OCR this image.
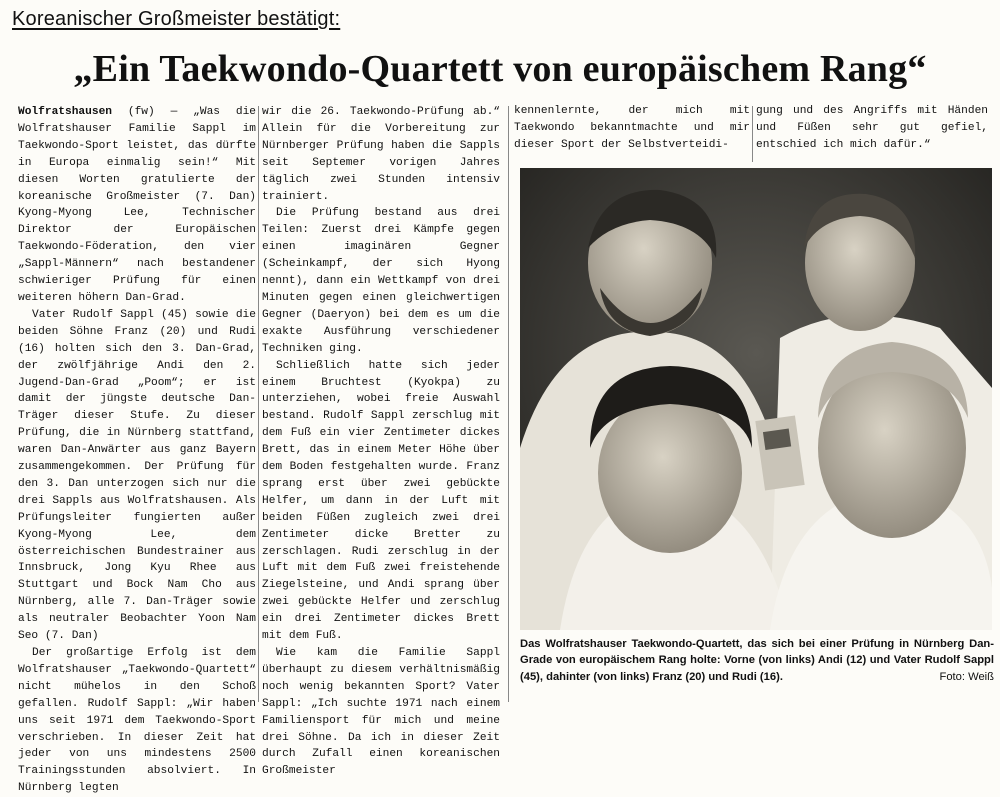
Koreanischer Großmeister bestätigt:
„Ein Taekwondo-Quartett von europäischem Rang“

Wolfratshausen (fw) — „Was die Wolfratshauser Familie Sappl im Taekwondo-Sport leistet, das dürfte in Europa einmalig sein!“ Mit diesen Worten gratulierte der koreanische Großmeister (7. Dan) Kyong-Myong Lee, Technischer Direktor der Europäischen Taekwondo-Föderation, den vier „Sappl-Männern“ nach bestandener schwieriger Prüfung für einen weiteren höhern Dan-Grad.

Vater Rudolf Sappl (45) sowie die beiden Söhne Franz (20) und Rudi (16) holten sich den 3. Dan-Grad, der zwölfjährige Andi den 2. Jugend-Dan-Grad „Poom“; er ist damit der jüngste deutsche Dan-Träger dieser Stufe. Zu dieser Prüfung, die in Nürnberg stattfand, waren Dan-Anwärter aus ganz Bayern zusammengekommen. Der Prüfung für den 3. Dan unterzogen sich nur die drei Sappls aus Wolfratshausen. Als Prüfungsleiter fungierten außer Kyong-Myong Lee, dem österreichischen Bundestrainer aus Innsbruck, Jong Kyu Rhee aus Stuttgart und Bock Nam Cho aus Nürnberg, alle 7. Dan-Träger sowie als neutraler Beobachter Yoon Nam Seo (7. Dan)

Der großartige Erfolg ist dem Wolfratshauser „Taekwondo-Quartett“ nicht mühelos in den Schoß gefallen. Rudolf Sappl: „Wir haben uns seit 1971 dem Taekwondo-Sport verschrieben. In dieser Zeit hat jeder von uns mindestens 2500 Trainingsstunden absolviert. In Nürnberg legten

wir die 26. Taekwondo-Prüfung ab.“ Allein für die Vorbereitung zur Nürnberger Prüfung haben die Sappls seit Septemer vorigen Jahres täglich zwei Stunden intensiv trainiert.

Die Prüfung bestand aus drei Teilen: Zuerst drei Kämpfe gegen einen imaginären Gegner (Scheinkampf, der sich Hyong nennt), dann ein Wettkampf von drei Minuten gegen einen gleichwertigen Gegner (Daeryon) bei dem es um die exakte Ausführung verschiedener Techniken ging.

Schließlich hatte sich jeder einem Bruchtest (Kyokpa) zu unterziehen, wobei freie Auswahl bestand. Rudolf Sappl zerschlug mit dem Fuß ein vier Zentimeter dickes Brett, das in einem Meter Höhe über dem Boden festgehalten wurde. Franz sprang erst über zwei gebückte Helfer, um dann in der Luft mit beiden Füßen zugleich zwei drei Zentimeter dicke Bretter zu zerschlagen. Rudi zerschlug in der Luft mit dem Fuß zwei freistehende Ziegelsteine, und Andi sprang über zwei gebückte Helfer und zerschlug ein drei Zentimeter dickes Brett mit dem Fuß.

Wie kam die Familie Sappl überhaupt zu diesem verhältnismäßig noch wenig bekannten Sport? Vater Sappl: „Ich suchte 1971 nach einem Familiensport für mich und meine drei Söhne. Da ich in dieser Zeit durch Zufall einen koreanischen Großmeister

kennenlernte, der mich mit Taekwondo bekanntmachte und mir dieser Sport der Selbstverteidi-

gung und des Angriffs mit Händen und Füßen sehr gut gefiel, entschied ich mich dafür.“

Das Wolfratshauser Taekwondo-Quartett, das sich bei einer Prüfung in Nürnberg Dan-Grade von europäischem Rang holte: Vorne (von links) Andi (12) und Vater Rudolf Sappl (45), dahinter (von links) Franz (20) und Rudi (16).	Foto: Weiß
